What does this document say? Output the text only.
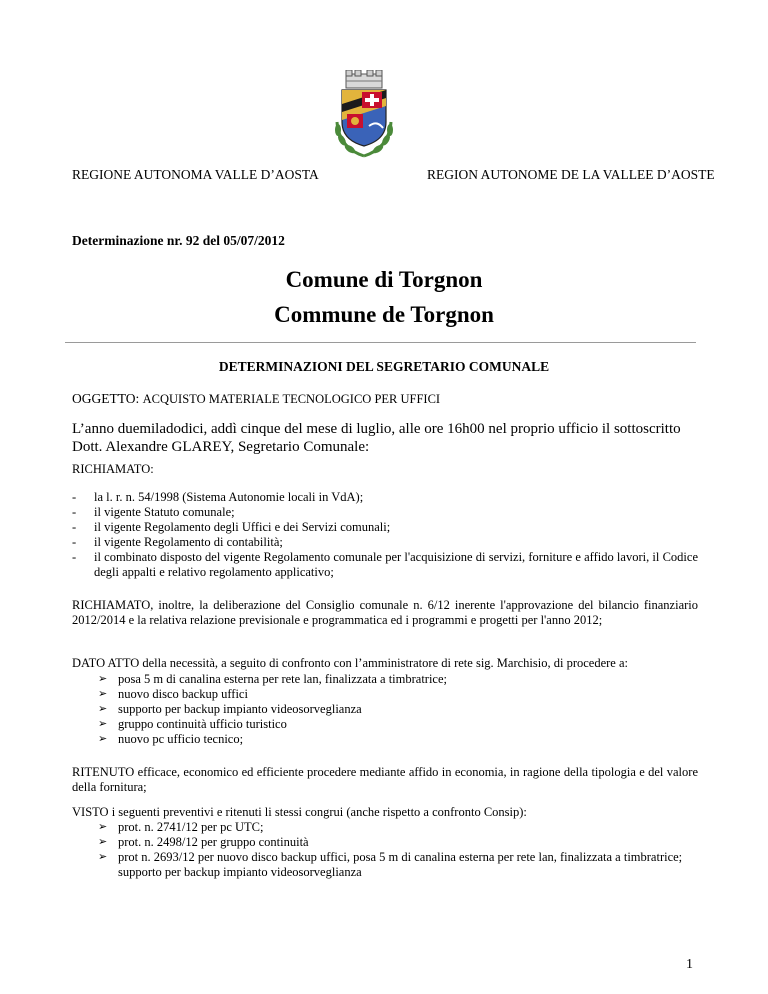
REGIONE AUTONOMA VALLE D’AOSTA	REGION AUTONOME DE LA VALLEE D’AOSTE
Determinazione nr. 92 del 05/07/2012
Comune di Torgnon
Commune de Torgnon
DETERMINAZIONI DEL SEGRETARIO COMUNALE
OGGETTO: ACQUISTO MATERIALE TECNOLOGICO PER UFFICI
L’anno duemiladodici, addì cinque del mese di luglio, alle ore 16h00 nel proprio ufficio il sottoscritto Dott. Alexandre GLAREY, Segretario Comunale:
RICHIAMATO:
- la l. r. n. 54/1998 (Sistema Autonomie locali in VdA);
- il vigente Statuto comunale;
- il vigente Regolamento degli Uffici e dei Servizi comunali;
- il vigente Regolamento di contabilità;
- il combinato disposto del vigente Regolamento comunale per l'acquisizione di servizi, forniture e affido lavori, il Codice degli appalti e relativo regolamento applicativo;
RICHIAMATO, inoltre, la deliberazione del Consiglio comunale n. 6/12 inerente l'approvazione del bilancio finanziario 2012/2014 e la relativa relazione previsionale e programmatica ed i programmi e progetti per l'anno 2012;
DATO ATTO della necessità, a seguito di confronto con l’amministratore di rete sig. Marchisio, di procedere a:
➢ posa 5 m di canalina esterna per rete lan, finalizzata a timbratrice;
➢ nuovo disco backup uffici
➢ supporto per backup impianto videosorveglianza
➢ gruppo continuità ufficio turistico
➢ nuovo pc ufficio tecnico;
RITENUTO efficace, economico ed efficiente procedere mediante affido in economia, in ragione della tipologia e del valore della fornitura;
VISTO i seguenti preventivi e ritenuti li stessi congrui (anche rispetto a confronto Consip):
➢ prot. n. 2741/12 per pc UTC;
➢ prot. n. 2498/12 per gruppo continuità
➢ prot n. 2693/12 per nuovo disco backup uffici, posa 5 m di canalina esterna per rete lan, finalizzata a timbratrice; supporto per backup impianto videosorveglianza
1
